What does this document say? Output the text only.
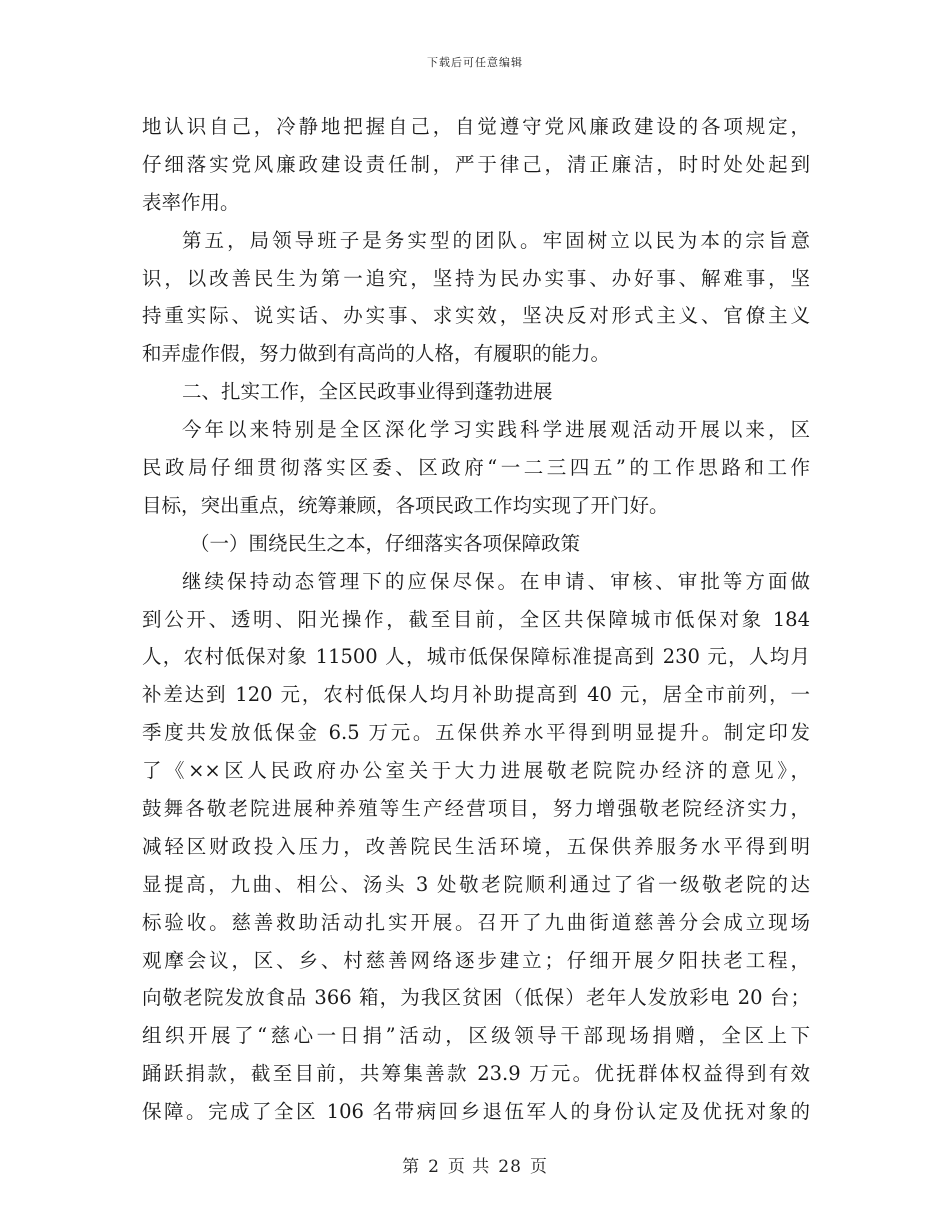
下载后可任意编辑
地认识自己，冷静地把握自己，自觉遵守党风廉政建设的各项规定，
仔细落实党风廉政建设责任制，严于律己，清正廉洁，时时处处起到
表率作用。
第五，局领导班子是务实型的团队。牢固树立以民为本的宗旨意
识，以改善民生为第一追究，坚持为民办实事、办好事、解难事，坚
持重实际、说实话、办实事、求实效，坚决反对形式主义、官僚主义
和弄虚作假，努力做到有高尚的人格，有履职的能力。
二、扎实工作，全区民政事业得到蓬勃进展
今年以来特别是全区深化学习实践科学进展观活动开展以来，区
民政局仔细贯彻落实区委、区政府“一二三四五”的工作思路和工作
目标，突出重点，统筹兼顾，各项民政工作均实现了开门好。
（一）围绕民生之本，仔细落实各项保障政策
继续保持动态管理下的应保尽保。在申请、审核、审批等方面做
到公开、透明、阳光操作，截至目前，全区共保障城市低保对象 184
人，农村低保对象 11500 人，城市低保保障标准提高到 230 元，人均月
补差达到 120 元，农村低保人均月补助提高到 40 元，居全市前列，一
季度共发放低保金 6.5 万元。五保供养水平得到明显提升。制定印发
了《××区人民政府办公室关于大力进展敬老院院办经济的意见》，
鼓舞各敬老院进展种养殖等生产经营项目，努力增强敬老院经济实力，
减轻区财政投入压力，改善院民生活环境，五保供养服务水平得到明
显提高，九曲、相公、汤头 3 处敬老院顺利通过了省一级敬老院的达
标验收。慈善救助活动扎实开展。召开了九曲街道慈善分会成立现场
观摩会议，区、乡、村慈善网络逐步建立；仔细开展夕阳扶老工程，
向敬老院发放食品 366 箱，为我区贫困（低保）老年人发放彩电 20 台；
组织开展了“慈心一日捐”活动，区级领导干部现场捐赠，全区上下
踊跃捐款，截至目前，共筹集善款 23.9 万元。优抚群体权益得到有效
保障。完成了全区 106 名带病回乡退伍军人的身份认定及优抚对象的
第 2 页 共 28 页
